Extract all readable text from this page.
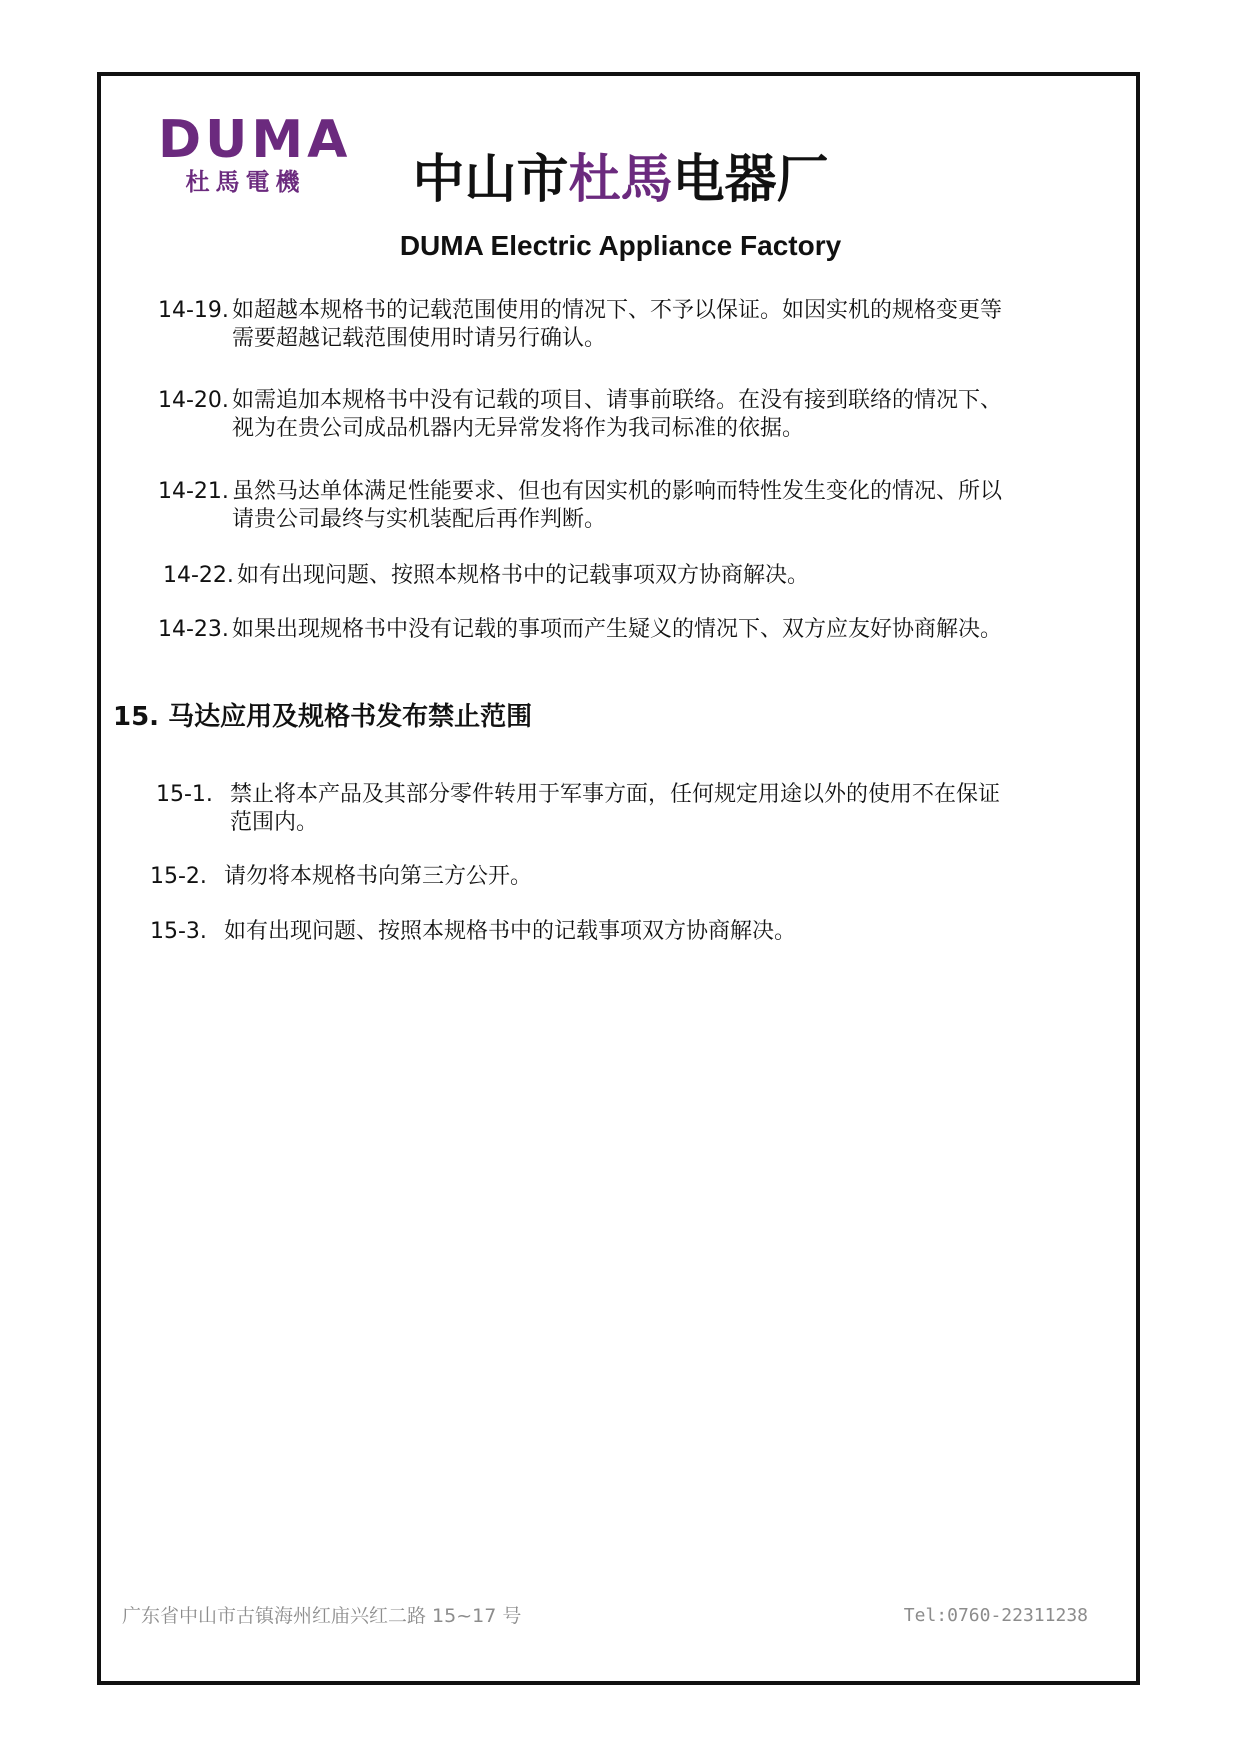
DUMA
杜馬電機	中山市杜馬电器厂
DUMA Electric Appliance Factory
14-19. 如超越本规格书的记载范围使用的情况下、不予以保证。如因实机的规格变更等
需要超越记载范围使用时请另行确认。
14-20. 如需追加本规格书中没有记载的项目、请事前联络。在没有接到联络的情况下、
视为在贵公司成品机器内无异常发将作为我司标准的依据。
14-21. 虽然马达单体满足性能要求、但也有因实机的影响而特性发生变化的情况、所以
请贵公司最终与实机装配后再作判断。
14-22. 如有出现问题、按照本规格书中的记载事项双方协商解决。
14-23. 如果出现规格书中没有记载的事项而产生疑义的情况下、双方应友好协商解决。
15. 马达应用及规格书发布禁止范围
15-1. 禁止将本产品及其部分零件转用于军事方面，任何规定用途以外的使用不在保证
范围内。
15-2. 请勿将本规格书向第三方公开。
15-3. 如有出现问题、按照本规格书中的记载事项双方协商解决。
广东省中山市古镇海州红庙兴红二路 15~17 号	Tel:0760-22311238
